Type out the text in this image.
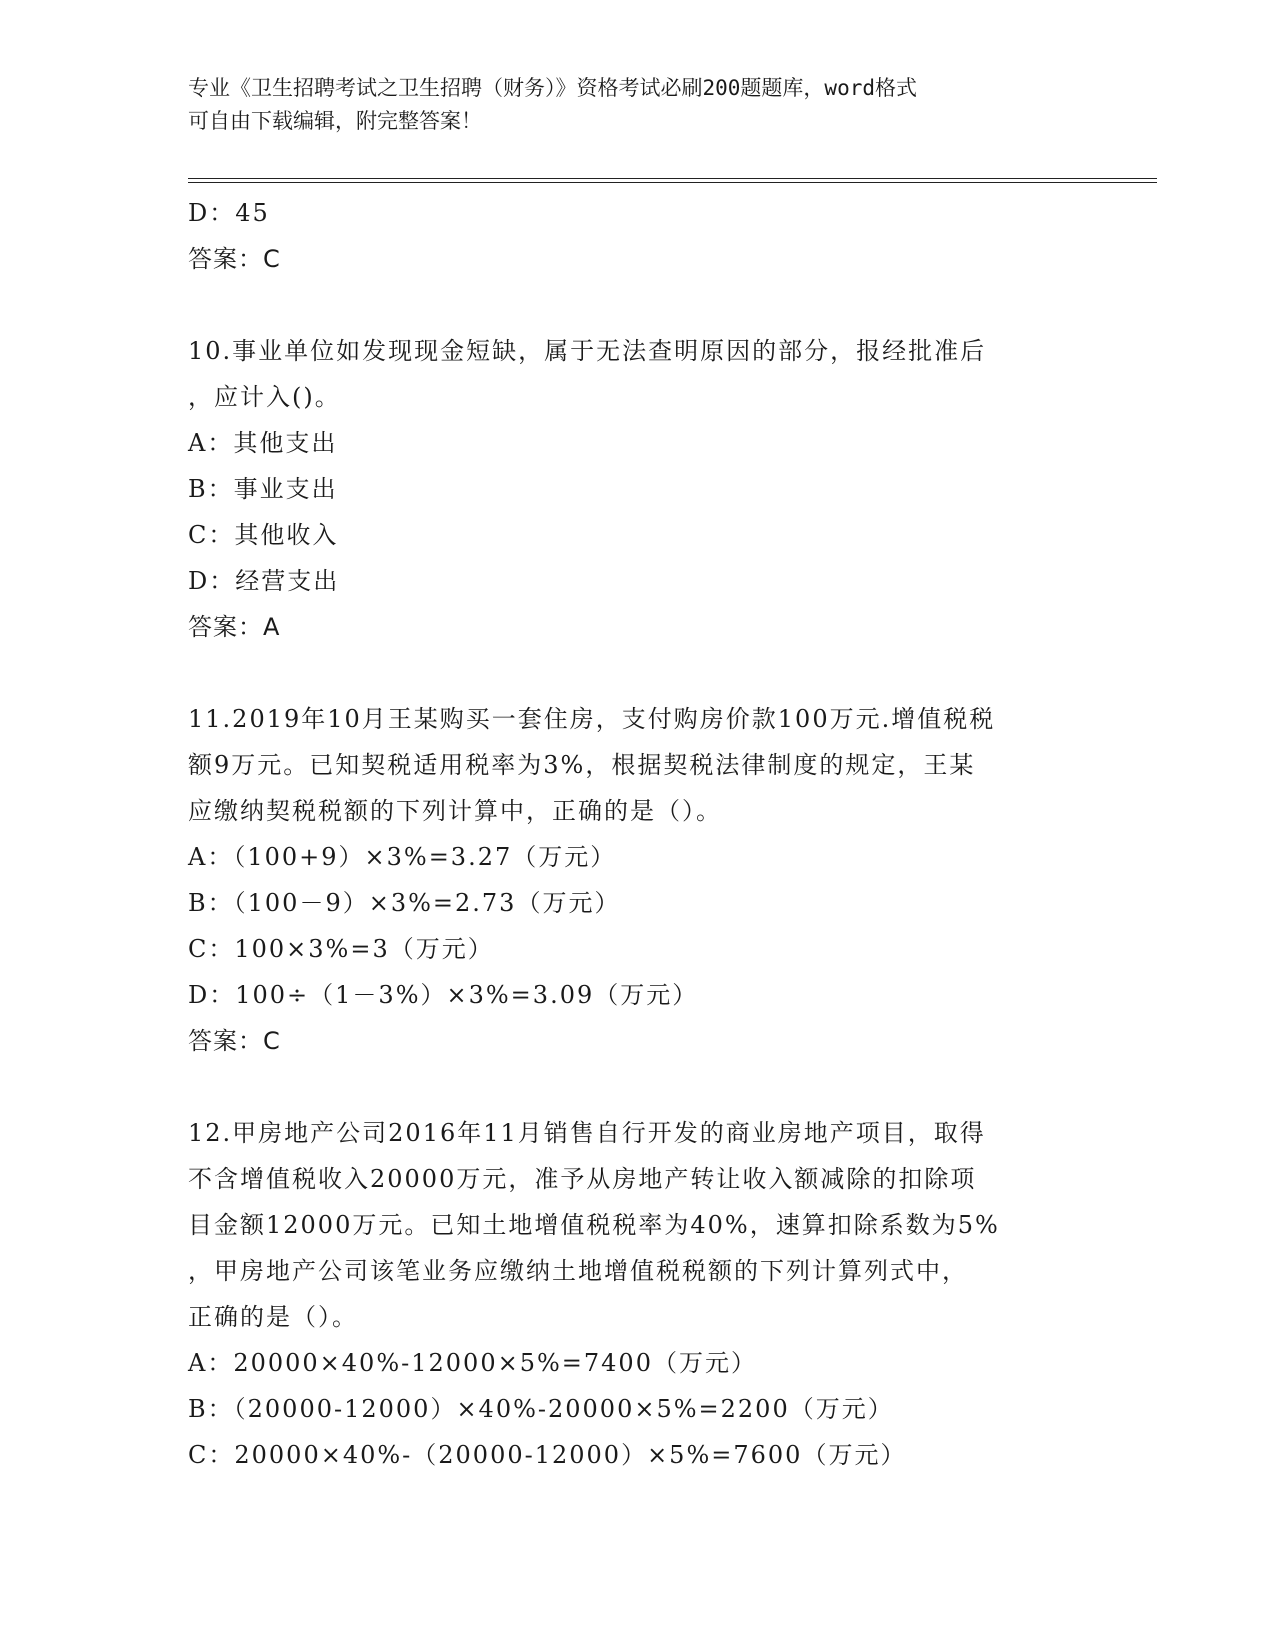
专业《卫生招聘考试之卫生招聘（财务）》资格考试必刷200题题库，word格式
可自由下载编辑，附完整答案！
D：45
答案：C
10.事业单位如发现现金短缺，属于无法查明原因的部分，报经批准后
，应计入()。
A：其他支出
B：事业支出
C：其他收入
D：经营支出
答案：A
11.2019年10月王某购买一套住房，支付购房价款100万元.增值税税
额9万元。已知契税适用税率为3%，根据契税法律制度的规定，王某
应缴纳契税税额的下列计算中，正确的是（）。
A：（100+9）×3%=3.27（万元）
B：（100－9）×3%=2.73（万元）
C：100×3%=3（万元）
D：100÷（1－3%）×3%=3.09（万元）
答案：C
12.甲房地产公司2016年11月销售自行开发的商业房地产项目，取得
不含增值税收入20000万元，准予从房地产转让收入额减除的扣除项
目金额12000万元。已知土地增值税税率为40%，速算扣除系数为5%
，甲房地产公司该笔业务应缴纳土地增值税税额的下列计算列式中，
正确的是（）。
A：20000×40%-12000×5%=7400（万元）
B：（20000-12000）×40%-20000×5%=2200（万元）
C：20000×40%-（20000-12000）×5%=7600（万元）
